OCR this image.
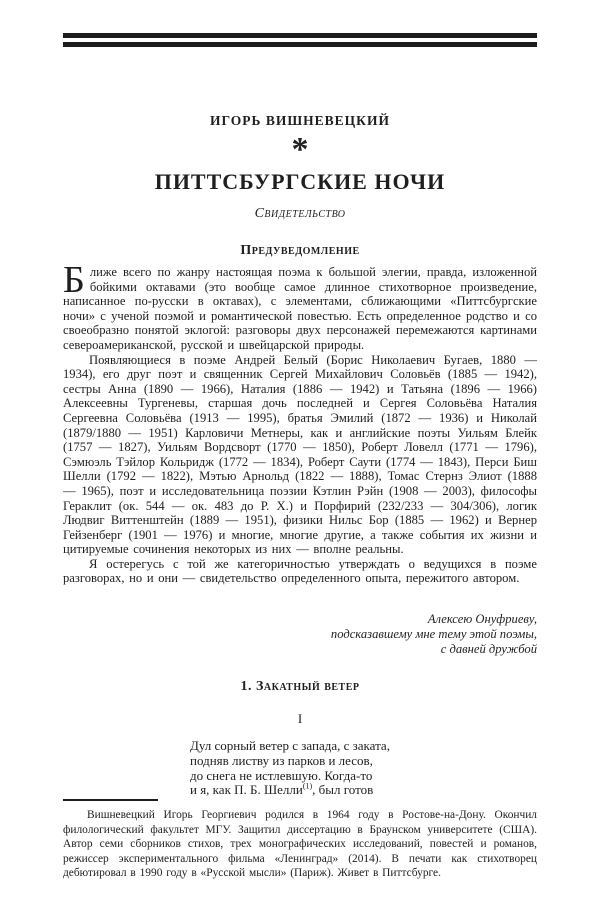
ИГОРЬ ВИШНЕВЕЦКИЙ
*
ПИТТСБУРГСКИЕ НОЧИ
Свидетельство
Предуведомление

Ближе всего по жанру настоящая поэма к большой элегии, правда, изложенной бойкими октавами (это вообще самое длинное стихотворное произведение, написанное по-русски в октавах), с элементами, сближающими «Питтсбургские ночи» с ученой поэмой и романтической повестью. Есть определенное родство и со своеобразно понятой эклогой: разговоры двух персонажей перемежаются картинами североамериканской, русской и швейцарской природы.

Появляющиеся в поэме Андрей Белый (Борис Николаевич Бугаев, 1880 — 1934), его друг поэт и священник Сергей Михайлович Соловьёв (1885 — 1942), сестры Анна (1890 — 1966), Наталия (1886 — 1942) и Татьяна (1896 — 1966) Алексеевны Тургеневы, старшая дочь последней и Сергея Соловьёва Наталия Сергеевна Соловьёва (1913 — 1995), братья Эмилий (1872 — 1936) и Николай (1879/1880 — 1951) Карловичи Метнеры, как и английские поэты Уильям Блейк (1757 — 1827), Уильям Вордсворт (1770 — 1850), Роберт Ловелл (1771 — 1796), Сэмюэль Тэйлор Кольридж (1772 — 1834), Роберт Саути (1774 — 1843), Перси Биш Шелли (1792 — 1822), Мэтью Арнольд (1822 — 1888), Томас Стернз Элиот (1888 — 1965), поэт и исследовательница поэзии Кэтлин Рэйн (1908 — 2003), философы Гераклит (ок. 544 — ок. 483 до Р. Х.) и Порфирий (232/233 — 304/306), логик Людвиг Виттенштейн (1889 — 1951), физики Нильс Бор (1885 — 1962) и Вернер Гейзенберг (1901 — 1976) и многие, многие другие, а также события их жизни и цитируемые сочинения некоторых из них — вполне реальны.

Я остерегусь с той же категоричностью утверждать о ведущихся в поэме разговорах, но и они — свидетельство определенного опыта, пережитого автором.

Алексею Онуфриеву,
подсказавшему мне тему этой поэмы,
с давней дружбой
1. Закатный ветер
I
Дул сорный ветер с запада, с заката,
подняв листву из парков и лесов,
до снега не истлевшую. Когда-то
и я, как П. Б. Шелли$^{(1)}$, был готов

Вишневецкий Игорь Георгиевич родился в 1964 году в Ростове-на-Дону. Окончил филологический факультет МГУ. Защитил диссертацию в Браунском университете (США). Автор семи сборников стихов, трех монографических исследований, повестей и романов, режиссер экспериментального фильма «Ленинград» (2014). В печати как стихотворец дебютировал в 1990 году в «Русской мысли» (Париж). Живет в Питтсбурге.
